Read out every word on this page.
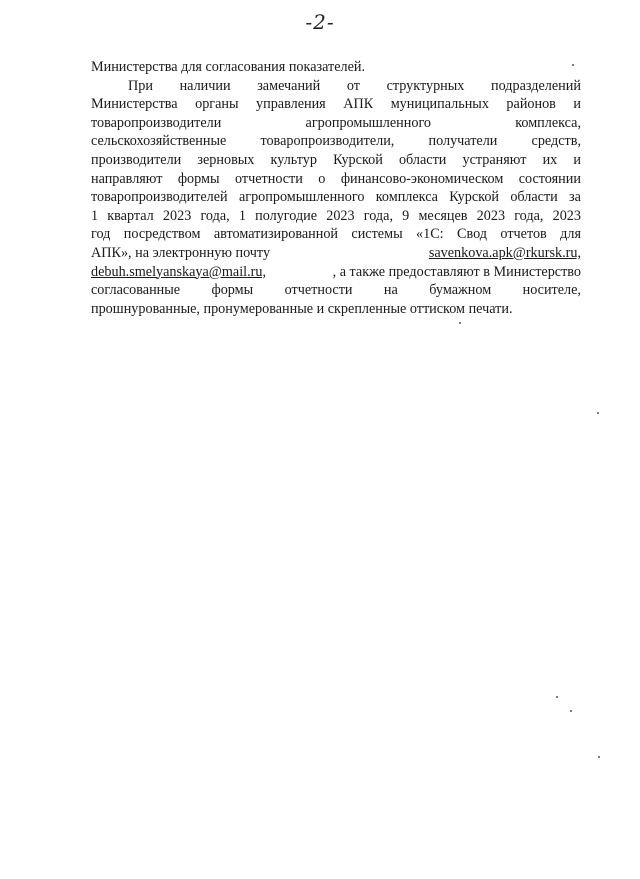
-2-
Министерства для согласования показателей.
При наличии замечаний от структурных подразделений
Министерства органы управления АПК муниципальных районов и
товаропроизводители	агропромышленного	комплекса,
сельскохозяйственные товаропроизводители, получатели средств,
производители зерновых культур Курской области устраняют их и
направляют формы отчетности о финансово-экономическом состоянии
товаропроизводителей агропромышленного комплекса Курской области за
1 квартал 2023 года, 1 полугодие 2023 года, 9 месяцев 2023 года, 2023
год посредством автоматизированной системы «1С: Свод отчетов для
АПК», на электронную почту	savenkova.apk@rkursk.ru,
debuh.smelyanskaya@mail.ru,	, а также предоставляют в Министерство
согласованные формы отчетности на бумажном носителе,
прошнурованные, пронумерованные и скрепленные оттиском печати.
